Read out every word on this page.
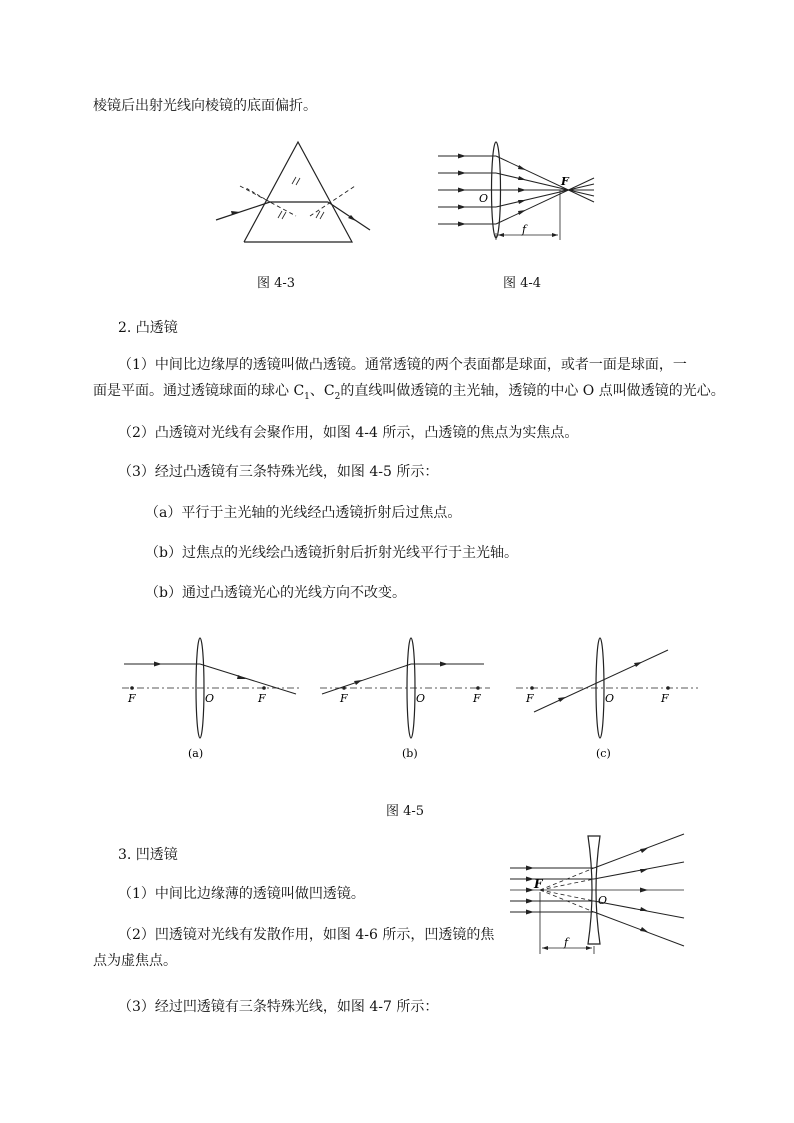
棱镜后出射光线向棱镜的底面偏折。
图 4-3
F
O
f
图 4-4
2. 凸透镜
（1）中间比边缘厚的透镜叫做凸透镜。通常透镜的两个表面都是球面，或者一面是球面，一
面是平面。通过透镜球面的球心 $C_1$、$C_2$的直线叫做透镜的主光轴，透镜的中心 O 点叫做透镜的光心。
（2）凸透镜对光线有会聚作用，如图 4-4 所示，凸透镜的焦点为实焦点。
（3）经过凸透镜有三条特殊光线，如图 4-5 所示：
（a）平行于主光轴的光线经凸透镜折射后过焦点。
（b）过焦点的光线绘凸透镜折射后折射光线平行于主光轴。
（b）通过凸透镜光心的光线方向不改变。
F	O	F	F	O	F	F	O	F
(a)	(b)	(c)
图 4-5
3. 凹透镜
（1）中间比边缘薄的透镜叫做凹透镜。
（2）凹透镜对光线有发散作用，如图 4-6 所示，凹透镜的焦
点为虚焦点。
（3）经过凹透镜有三条特殊光线，如图 4-7 所示：
F
O
f
